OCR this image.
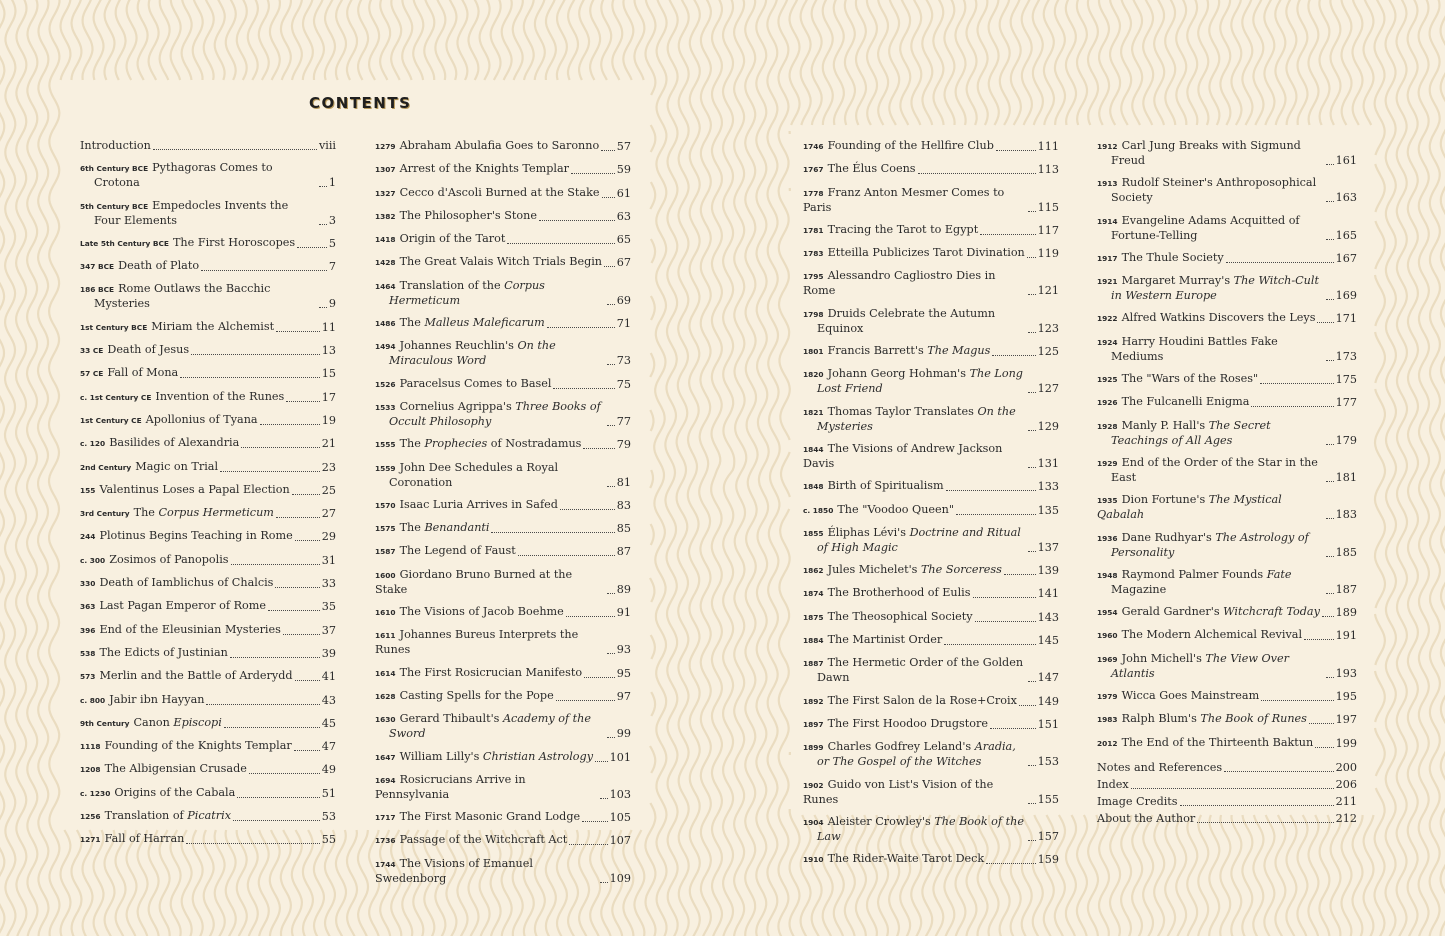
CONTENTS
Introduction	viii
6th Century BCE Pythagoras Comes to Crotona	1
5th Century BCE Empedocles Invents the Four Elements	3
Late 5th Century BCE The First Horoscopes	5
347 BCE Death of Plato	7
186 BCE Rome Outlaws the Bacchic Mysteries	9
1st Century BCE Miriam the Alchemist	11
33 CE Death of Jesus	13
57 CE Fall of Mona	15
c. 1st Century CE Invention of the Runes	17
1st Century CE Apollonius of Tyana	19
c. 120 Basilides of Alexandria	21
2nd Century Magic on Trial	23
155 Valentinus Loses a Papal Election	25
3rd Century The Corpus Hermeticum	27
244 Plotinus Begins Teaching in Rome	29
c. 300 Zosimos of Panopolis	31
330 Death of Iamblichus of Chalcis	33
363 Last Pagan Emperor of Rome	35
396 End of the Eleusinian Mysteries	37
538 The Edicts of Justinian	39
573 Merlin and the Battle of Arderydd	41
c. 800 Jabir ibn Hayyan	43
9th Century Canon Episcopi	45
1118 Founding of the Knights Templar	47
1208 The Albigensian Crusade	49
c. 1230 Origins of the Cabala	51
1256 Translation of Picatrix	53
1271 Fall of Harran	55
1279 Abraham Abulafia Goes to Saronno 57
1307 Arrest of the Knights Templar	59
1327 Cecco d'Ascoli Burned at the Stake 61
1382 The Philosopher's Stone	63
1418 Origin of the Tarot	65
1428 The Great Valais Witch Trials Begin 67
1464 Translation of the Corpus Hermeticum	69
1486 The Malleus Maleficarum	71
1494 Johannes Reuchlin's On the Miraculous Word	73
1526 Paracelsus Comes to Basel	75
1533 Cornelius Agrippa's Three Books of Occult Philosophy	77
1555 The Prophecies of Nostradamus	79
1559 John Dee Schedules a Royal Coronation	81
1570 Isaac Luria Arrives in Safed	83
1575 The Benandanti	85
1587 The Legend of Faust	87
1600 Giordano Bruno Burned at the Stake	89
1610 The Visions of Jacob Boehme	91
1611 Johannes Bureus Interprets the Runes	93
1614 The First Rosicrucian Manifesto	95
1628 Casting Spells for the Pope	97
1630 Gerard Thibault's Academy of the Sword	99
1647 William Lilly's Christian Astrology 101
1694 Rosicrucians Arrive in Pennsylvania	103
1717 The First Masonic Grand Lodge	105
1736 Passage of the Witchcraft Act	107
1744 The Visions of Emanuel Swedenborg	109
1746 Founding of the Hellfire Club	111
1767 The Élus Coens	113
1778 Franz Anton Mesmer Comes to Paris	115
1781 Tracing the Tarot to Egypt	117
1783 Etteilla Publicizes Tarot Divination 119
1795 Alessandro Cagliostro Dies in Rome	121
1798 Druids Celebrate the Autumn Equinox	123
1801 Francis Barrett's The Magus	125
1820 Johann Georg Hohman's The Long Lost Friend	127
1821 Thomas Taylor Translates On the Mysteries	129
1844 The Visions of Andrew Jackson Davis	131
1848 Birth of Spiritualism	133
c. 1850 The "Voodoo Queen"	135
1855 Éliphas Lévi's Doctrine and Ritual of High Magic	137
1862 Jules Michelet's The Sorceress	139
1874 The Brotherhood of Eulis	141
1875 The Theosophical Society	143
1884 The Martinist Order	145
1887 The Hermetic Order of the Golden Dawn	147
1892 The First Salon de la Rose+Croix 149
1897 The First Hoodoo Drugstore	151
1899 Charles Godfrey Leland's Aradia, or The Gospel of the Witches	153
1902 Guido von List's Vision of the Runes	155
1904 Aleister Crowley's The Book of the Law	157
1910 The Rider-Waite Tarot Deck	159
1912 Carl Jung Breaks with Sigmund Freud	161
1913 Rudolf Steiner's Anthroposophical Society	163
1914 Evangeline Adams Acquitted of Fortune-Telling	165
1917 The Thule Society	167
1921 Margaret Murray's The Witch-Cult in Western Europe	169
1922 Alfred Watkins Discovers the Leys 171
1924 Harry Houdini Battles Fake Mediums	173
1925 The "Wars of the Roses"	175
1926 The Fulcanelli Enigma	177
1928 Manly P. Hall's The Secret Teachings of All Ages	179
1929 End of the Order of the Star in the East	181
1935 Dion Fortune's The Mystical Qabalah	183
1936 Dane Rudhyar's The Astrology of Personality	185
1948 Raymond Palmer Founds Fate Magazine	187
1954 Gerald Gardner's Witchcraft Today 189
1960 The Modern Alchemical Revival	191
1969 John Michell's The View Over Atlantis	193
1979 Wicca Goes Mainstream	195
1983 Ralph Blum's The Book of Runes	197
2012 The End of the Thirteenth Baktun 199
Notes and References	200
Index	206
Image Credits	211
About the Author	212
